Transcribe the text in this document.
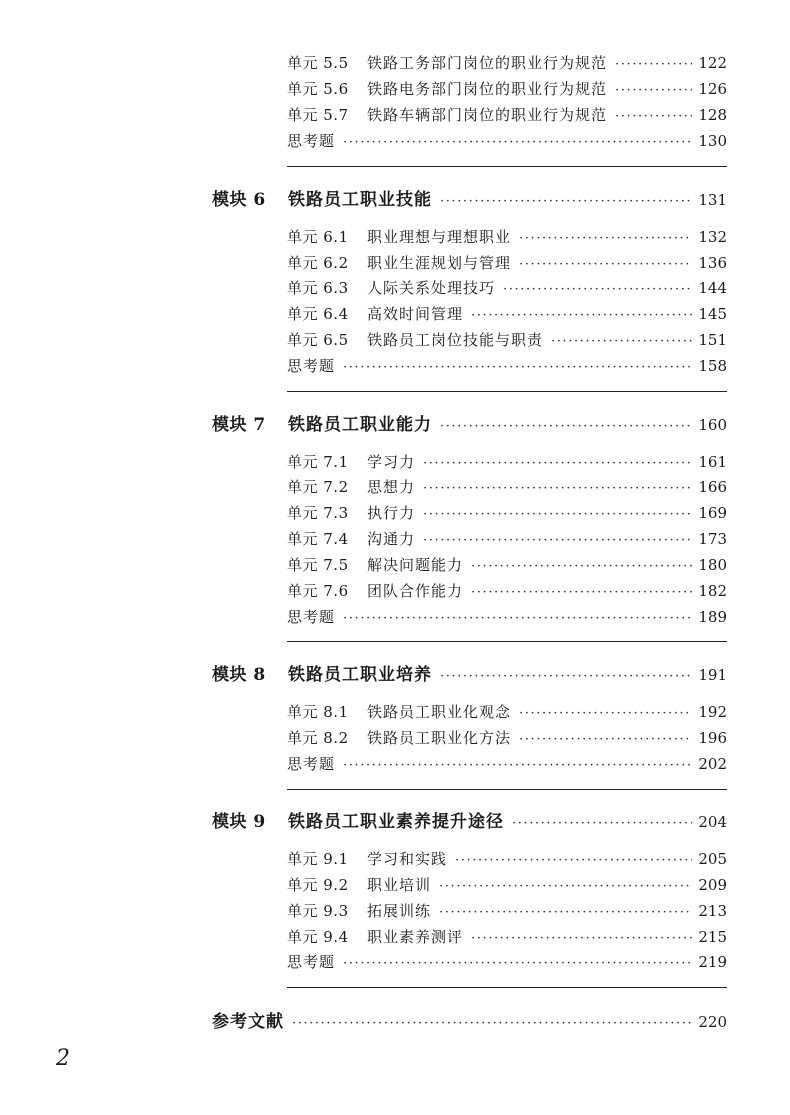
单元 5.5	铁路工务部门岗位的职业行为规范 ·····	122
单元 5.6	铁路电务部门岗位的职业行为规范 ·····	126
单元 5.7	铁路车辆部门岗位的职业行为规范 ·····	128
思考题 ·····	130
模块 6	铁路员工职业技能 ·····	131
单元 6.1	职业理想与理想职业 ·····	132
单元 6.2	职业生涯规划与管理 ·····	136
单元 6.3	人际关系处理技巧 ·····	144
单元 6.4	高效时间管理 ·····	145
单元 6.5	铁路员工岗位技能与职责 ·····	151
思考题 ·····	158
模块 7	铁路员工职业能力 ·····	160
单元 7.1	学习力 ·····	161
单元 7.2	思想力 ·····	166
单元 7.3	执行力 ·····	169
单元 7.4	沟通力 ·····	173
单元 7.5	解决问题能力 ·····	180
单元 7.6	团队合作能力 ·····	182
思考题 ·····	189
模块 8	铁路员工职业培养 ·····	191
单元 8.1	铁路员工职业化观念 ·····	192
单元 8.2	铁路员工职业化方法 ·····	196
思考题 ·····	202
模块 9	铁路员工职业素养提升途径 ·····	204
单元 9.1	学习和实践 ·····	205
单元 9.2	职业培训 ·····	209
单元 9.3	拓展训练 ·····	213
单元 9.4	职业素养测评 ·····	215
思考题 ·····	219
参考文献 ·····	220
2
